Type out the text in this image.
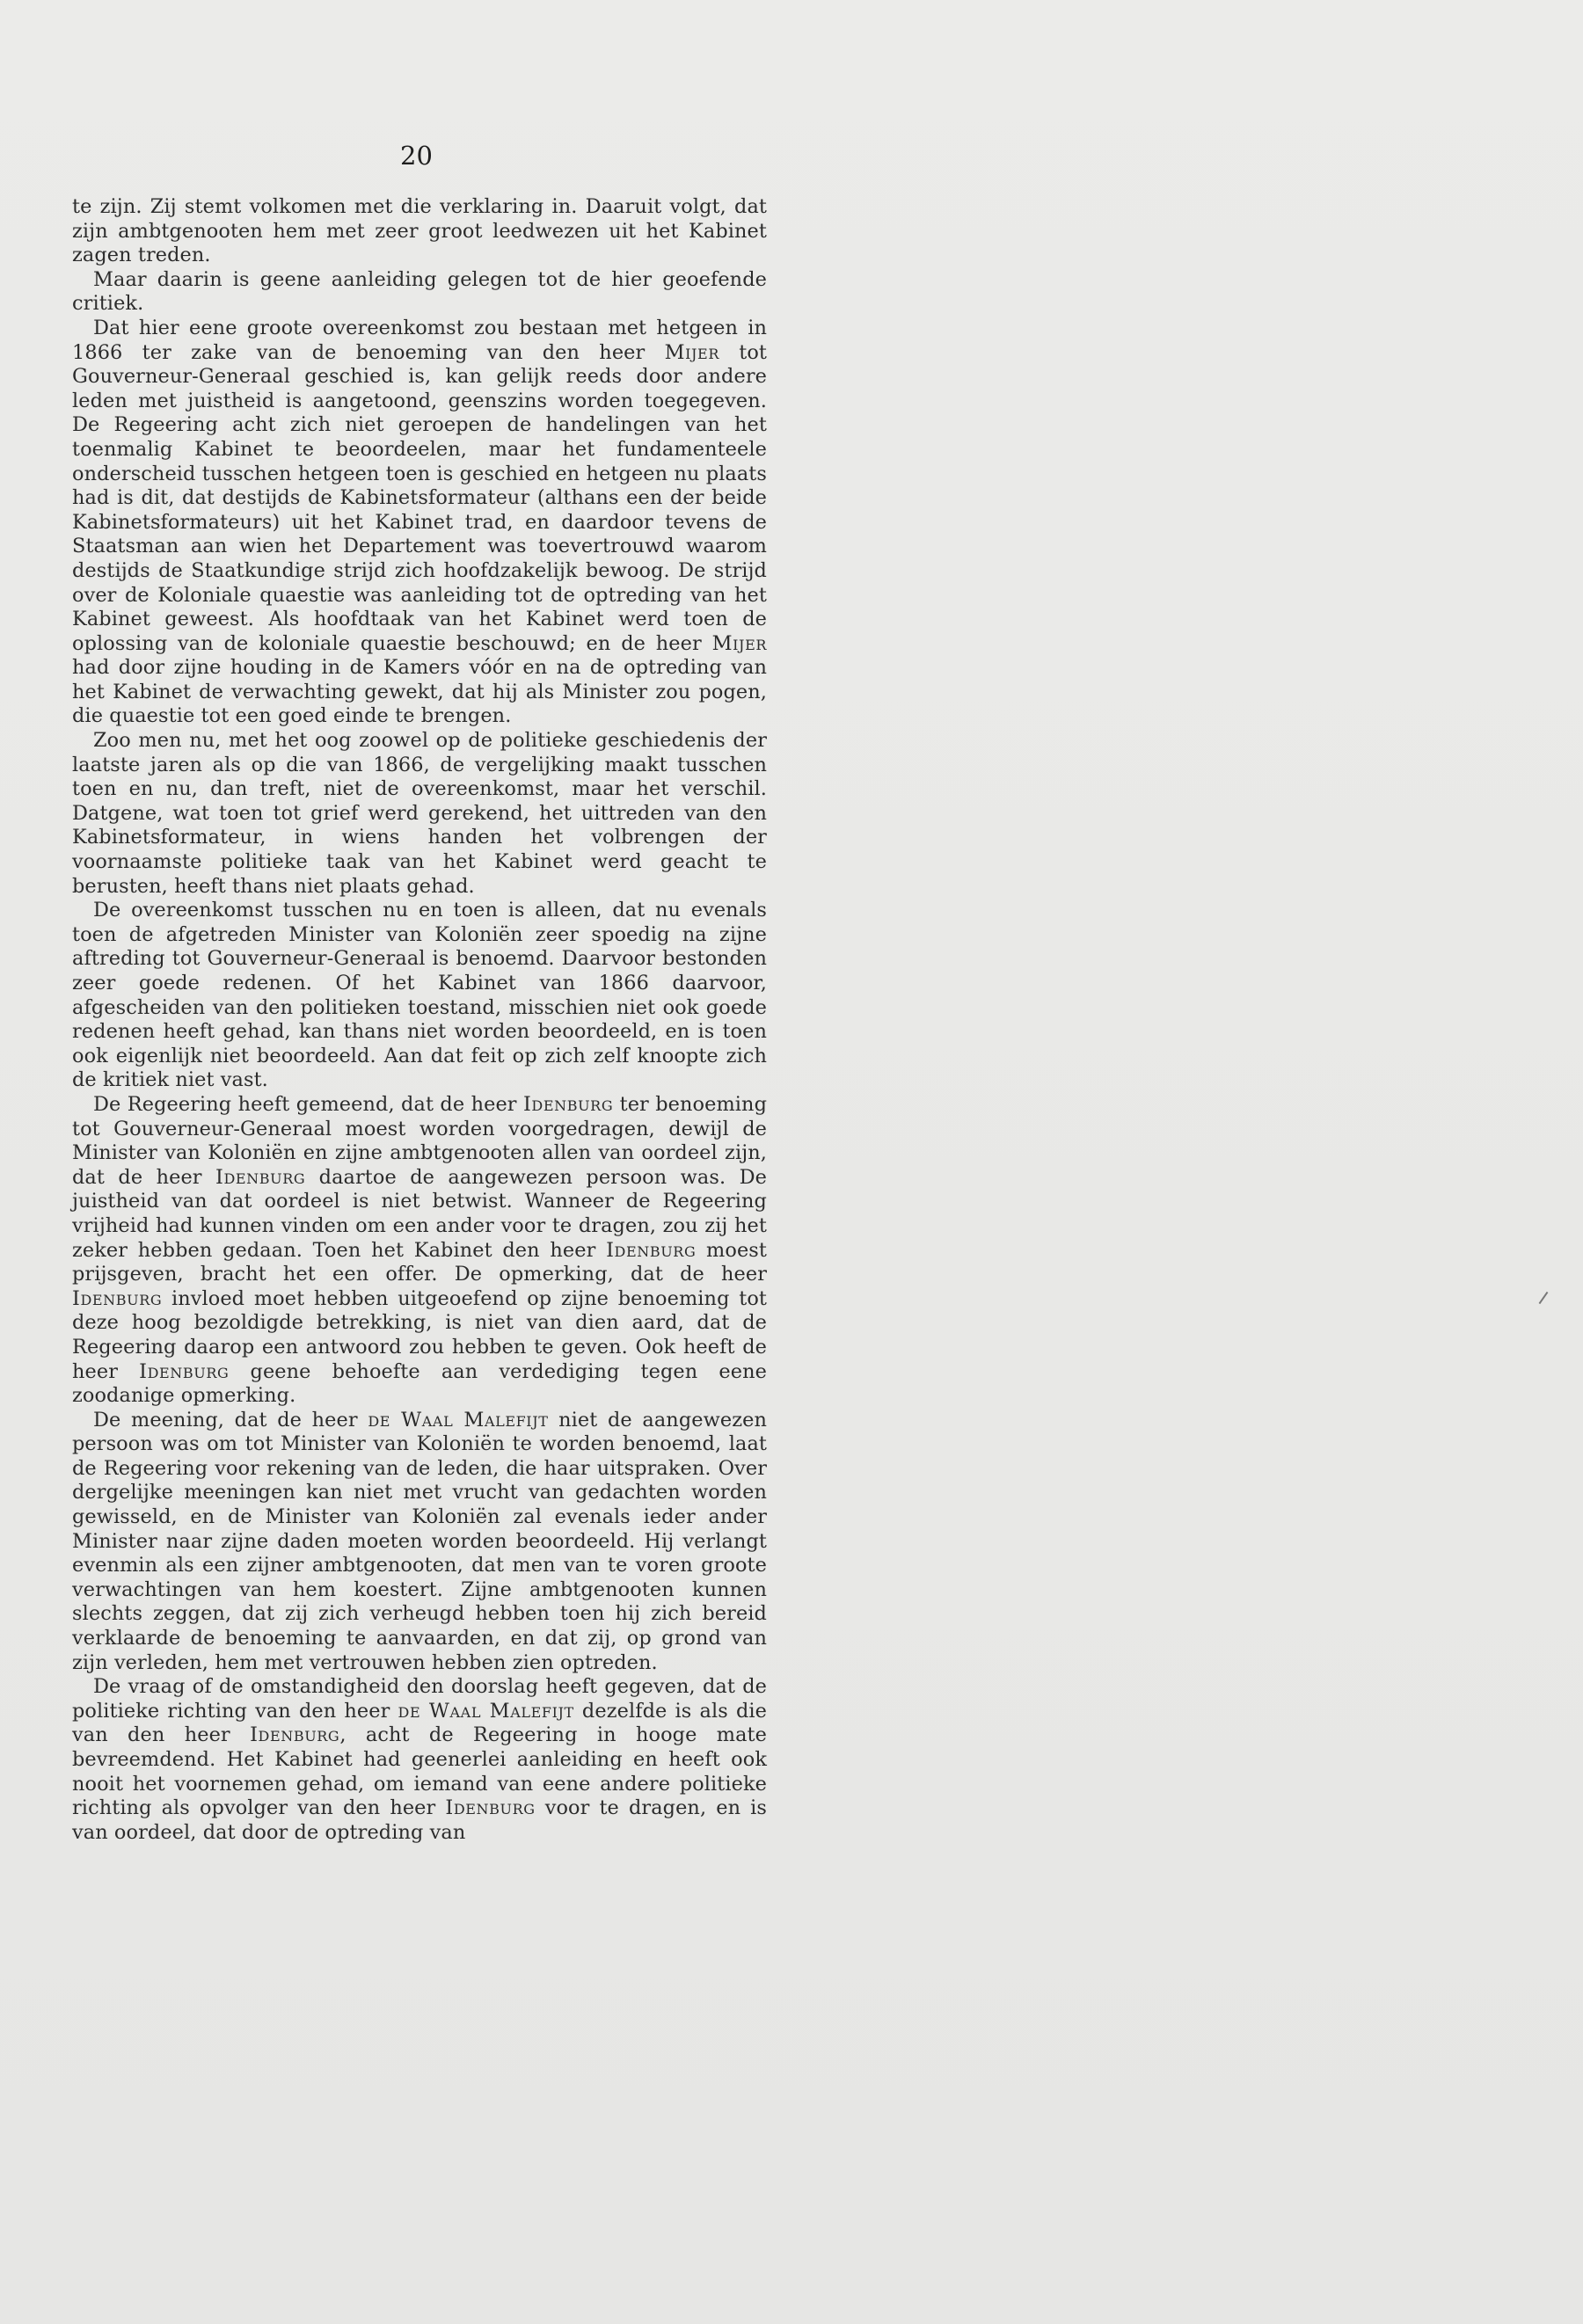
20

te zijn. Zij stemt volkomen met die verklaring in. Daaruit volgt, dat zijn ambtgenooten hem met zeer groot leedwezen uit het Kabinet zagen treden.

Maar daarin is geene aanleiding gelegen tot de hier geoefende critiek.

Dat hier eene groote overeenkomst zou bestaan met hetgeen in 1866 ter zake van de benoeming van den heer Mijer tot Gouverneur-Generaal geschied is, kan gelijk reeds door andere leden met juistheid is aangetoond, geenszins worden toegegeven. De Regeering acht zich niet geroepen de handelingen van het toenmalig Kabinet te beoordeelen, maar het fundamenteele onderscheid tusschen hetgeen toen is geschied en hetgeen nu plaats had is dit, dat destijds de Kabinetsformateur (althans een der beide Kabinetsformateurs) uit het Kabinet trad, en daardoor tevens de Staatsman aan wien het Departement was toevertrouwd waarom destijds de Staatkundige strijd zich hoofdzakelijk bewoog. De strijd over de Koloniale quaestie was aanleiding tot de optreding van het Kabinet geweest. Als hoofdtaak van het Kabinet werd toen de oplossing van de koloniale quaestie beschouwd; en de heer Mijer had door zijne houding in de Kamers vóór en na de optreding van het Kabinet de verwachting gewekt, dat hij als Minister zou pogen, die quaestie tot een goed einde te brengen.

Zoo men nu, met het oog zoowel op de politieke geschiedenis der laatste jaren als op die van 1866, de vergelijking maakt tusschen toen en nu, dan treft, niet de overeenkomst, maar het verschil. Datgene, wat toen tot grief werd gerekend, het uittreden van den Kabinetsformateur, in wiens handen het volbrengen der voornaamste politieke taak van het Kabinet werd geacht te berusten, heeft thans niet plaats gehad.

De overeenkomst tusschen nu en toen is alleen, dat nu evenals toen de afgetreden Minister van Koloniën zeer spoedig na zijne aftreding tot Gouverneur-Generaal is benoemd. Daarvoor bestonden zeer goede redenen. Of het Kabinet van 1866 daarvoor, afgescheiden van den politieken toestand, misschien niet ook goede redenen heeft gehad, kan thans niet worden beoordeeld, en is toen ook eigenlijk niet beoordeeld. Aan dat feit op zich zelf knoopte zich de kritiek niet vast.

De Regeering heeft gemeend, dat de heer Idenburg ter benoeming tot Gouverneur-Generaal moest worden voorgedragen, dewijl de Minister van Koloniën en zijne ambtgenooten allen van oordeel zijn, dat de heer Idenburg daartoe de aangewezen persoon was. De juistheid van dat oordeel is niet betwist. Wanneer de Regeering vrijheid had kunnen vinden om een ander voor te dragen, zou zij het zeker hebben gedaan. Toen het Kabinet den heer Idenburg moest prijsgeven, bracht het een offer. De opmerking, dat de heer Idenburg invloed moet hebben uitgeoefend op zijne benoeming tot deze hoog bezoldigde betrekking, is niet van dien aard, dat de Regeering daarop een antwoord zou hebben te geven. Ook heeft de heer Idenburg geene behoefte aan verdediging tegen eene zoodanige opmerking.

De meening, dat de heer de Waal Malefijt niet de aangewezen persoon was om tot Minister van Koloniën te worden benoemd, laat de Regeering voor rekening van de leden, die haar uitspraken. Over dergelijke meeningen kan niet met vrucht van gedachten worden gewisseld, en de Minister van Koloniën zal evenals ieder ander Minister naar zijne daden moeten worden beoordeeld. Hij verlangt evenmin als een zijner ambtgenooten, dat men van te voren groote verwachtingen van hem koestert. Zijne ambtgenooten kunnen slechts zeggen, dat zij zich verheugd hebben toen hij zich bereid verklaarde de benoeming te aanvaarden, en dat zij, op grond van zijn verleden, hem met vertrouwen hebben zien optreden.

De vraag of de omstandigheid den doorslag heeft gegeven, dat de politieke richting van den heer de Waal Malefijt dezelfde is als die van den heer Idenburg, acht de Regeering in hooge mate bevreemdend. Het Kabinet had geenerlei aanleiding en heeft ook nooit het voornemen gehad, om iemand van eene andere politieke richting als opvolger van den heer Idenburg voor te dragen, en is van oordeel, dat door de optreding van
